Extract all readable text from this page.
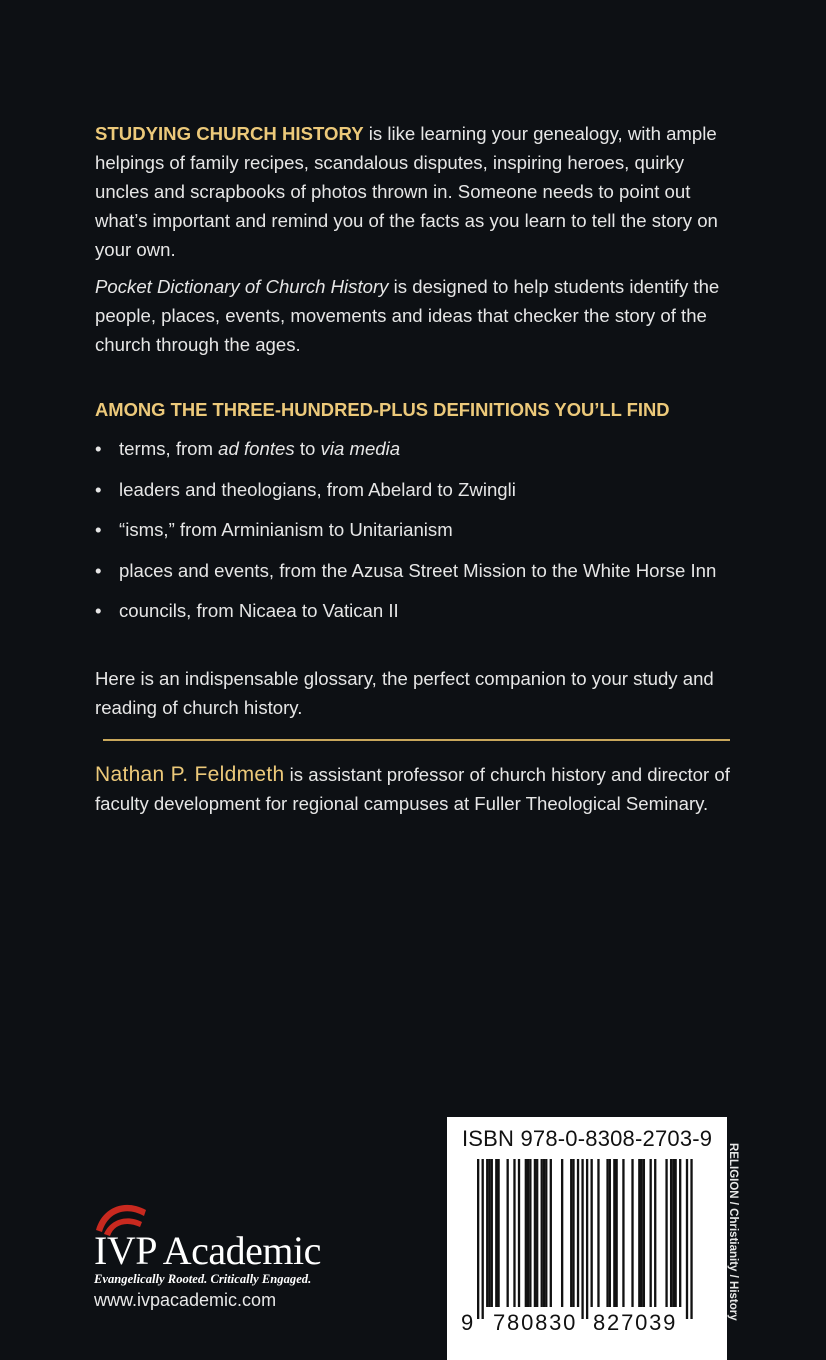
STUDYING CHURCH HISTORY is like learning your genealogy, with ample helpings of family recipes, scandalous disputes, inspiring heroes, quirky uncles and scrapbooks of photos thrown in. Someone needs to point out what’s important and remind you of the facts as you learn to tell the story on your own.
Pocket Dictionary of Church History is designed to help students identify the people, places, events, movements and ideas that checker the story of the church through the ages.
AMONG THE THREE-HUNDRED-PLUS DEFINITIONS YOU’LL FIND
• terms, from ad fontes to via media
• leaders and theologians, from Abelard to Zwingli
• “isms,” from Arminianism to Unitarianism
• places and events, from the Azusa Street Mission to the White Horse Inn
• councils, from Nicaea to Vatican II
Here is an indispensable glossary, the perfect companion to your study and reading of church history.
Nathan P. Feldmeth is assistant professor of church history and director of faculty development for regional campuses at Fuller Theological Seminary.
IVP Academic
Evangelically Rooted. Critically Engaged.
www.ivpacademic.com
ISBN 978-0-8308-2703-9
9 780830 827039
RELIGION / Christianity / History
